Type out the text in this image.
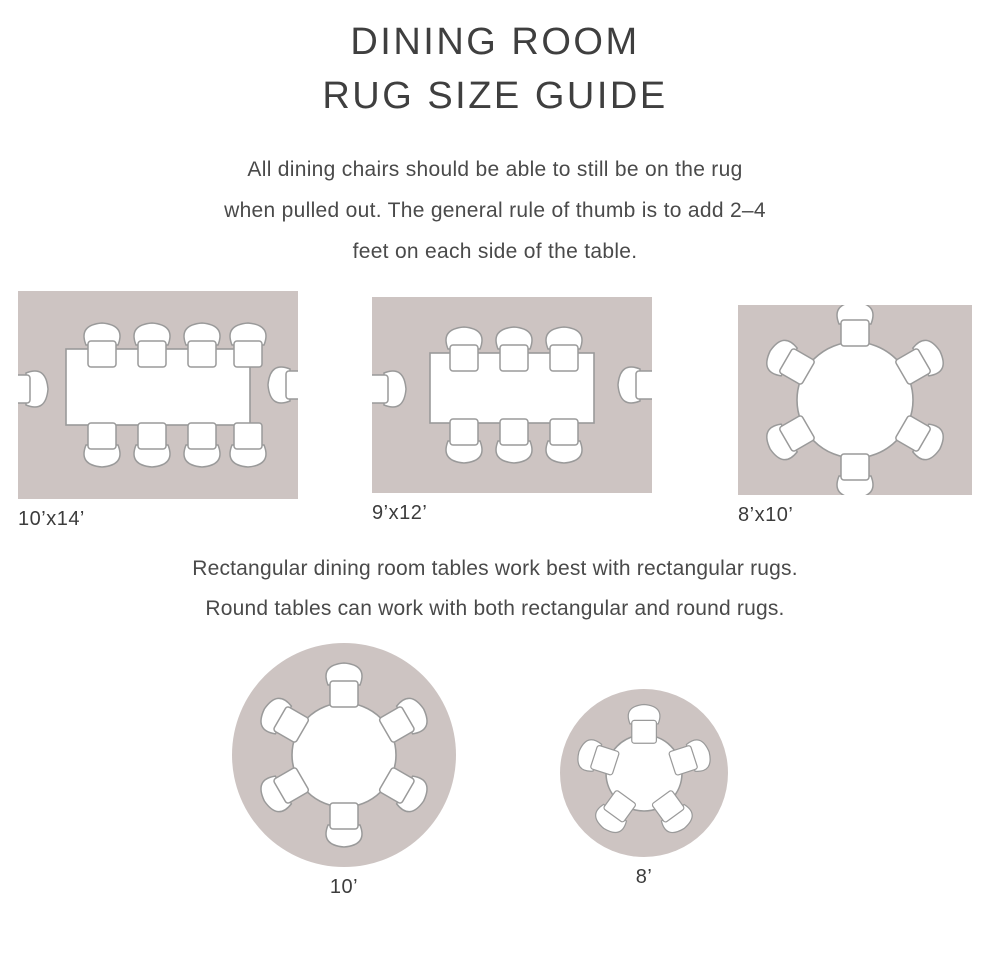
DINING ROOM
RUG SIZE GUIDE
All dining chairs should be able to still be on the rug
when pulled out. The general rule of thumb is to add 2–4
feet on each side of the table.
10’x14’	9’x12’	8’x10’
Rectangular dining room tables work best with rectangular rugs.
Round tables can work with both rectangular and round rugs.
10’	8’
